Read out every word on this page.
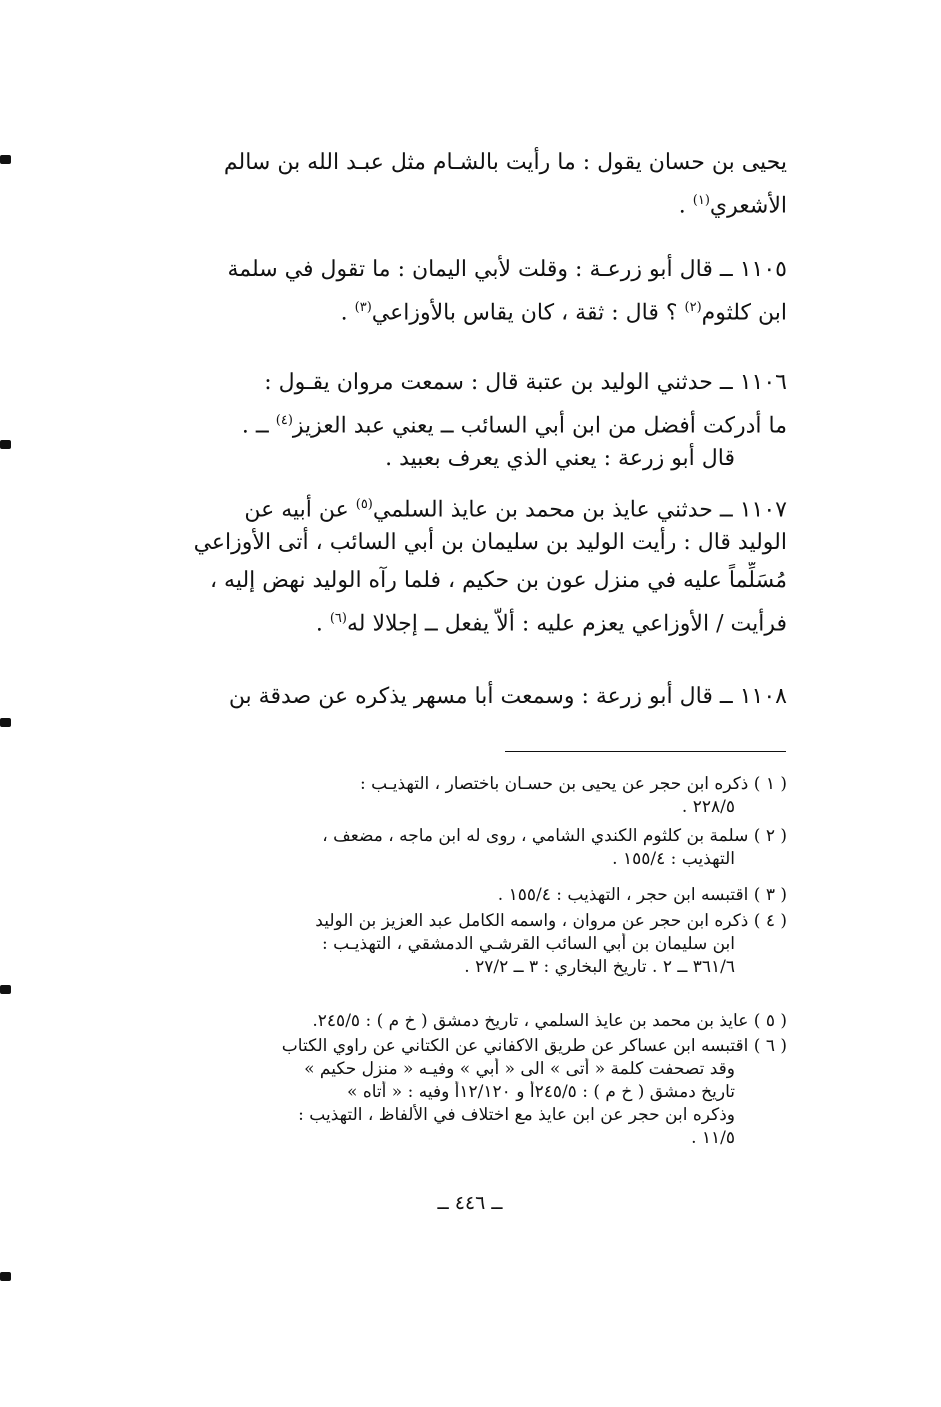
يحيى بن حسان يقول : ما رأيت بالشـام مثل عبـد الله بن سالم
الأشعري$^{(١)}$ .
١١٠٥ ــ قال أبو زرعـة : وقلت لأبي اليمان : ما تقول في سلمة
ابن كلثوم$^{(٢)}$ ؟ قال : ثقة ، كان يقاس بالأوزاعي$^{(٣)}$ .
١١٠٦ ــ حدثني الوليد بن عتبة قال : سمعت مروان يقـول :
ما أدركت أفضل من ابن أبي السائب ــ يعني عبد العزيز$^{(٤)}$ ــ .
قال أبو زرعة : يعني الذي يعرف بعبيد .
١١٠٧ ــ حدثني عايذ بن محمد بن عايذ السلمي$^{(٥)}$ عن أبيه عن
الوليد قال : رأيت الوليد بن سليمان بن أبي السائب ، أتى الأوزاعي
مُسَلِّماً عليه في منزل عون بن حكيم ، فلما رآه الوليد نهض إليه ،
فرأيت / الأوزاعي يعزم عليه : ألاّ يفعل ــ إجلالا له$^{(٦)}$ .
١١٠٨ ــ قال أبو زرعة : وسمعت أبا مسهر يذكره عن صدقة بن
( ١ ) ذكره ابن حجر عن يحيى بن حسـان باختصار ، التهذيـب :
٢٢٨/٥ .
( ٢ ) سلمة بن كلثوم الكندي الشامي ، روى له ابن ماجه ، مضعف ،
التهذيب : ١٥٥/٤ .
( ٣ ) اقتبسه ابن حجر ، التهذيب : ١٥٥/٤ .
( ٤ ) ذكره ابن حجر عن مروان ، واسمه الكامل عبد العزيز بن الوليد
ابن سليمان بن أبي السائب القرشـي الدمشقي ، التهذيـب :
٣٦١/٦ ــ ٢ . تاريخ البخاري : ٣ ــ ٢٧/٢ .
( ٥ ) عايذ بن محمد بن عايذ السلمي ، تاريخ دمشق ( خ م ) : ٢٤٥/٥.
( ٦ ) اقتبسه ابن عساكر عن طريق الاكفاني عن الكتاني عن راوي الكتاب
وقد تصحفت كلمة « أتى » الى « أبي » وفيـه « منزل حكيم »
تاريخ دمشق ( خ م ) : ٢٤٥/٥أ و ١٢/١٢٠أ وفيه : « أتاه »
وذكره ابن حجر عن ابن عايذ مع اختلاف في الألفاظ ، التهذيب :
١١/٥ .
ــ ٤٤٦ ــ
